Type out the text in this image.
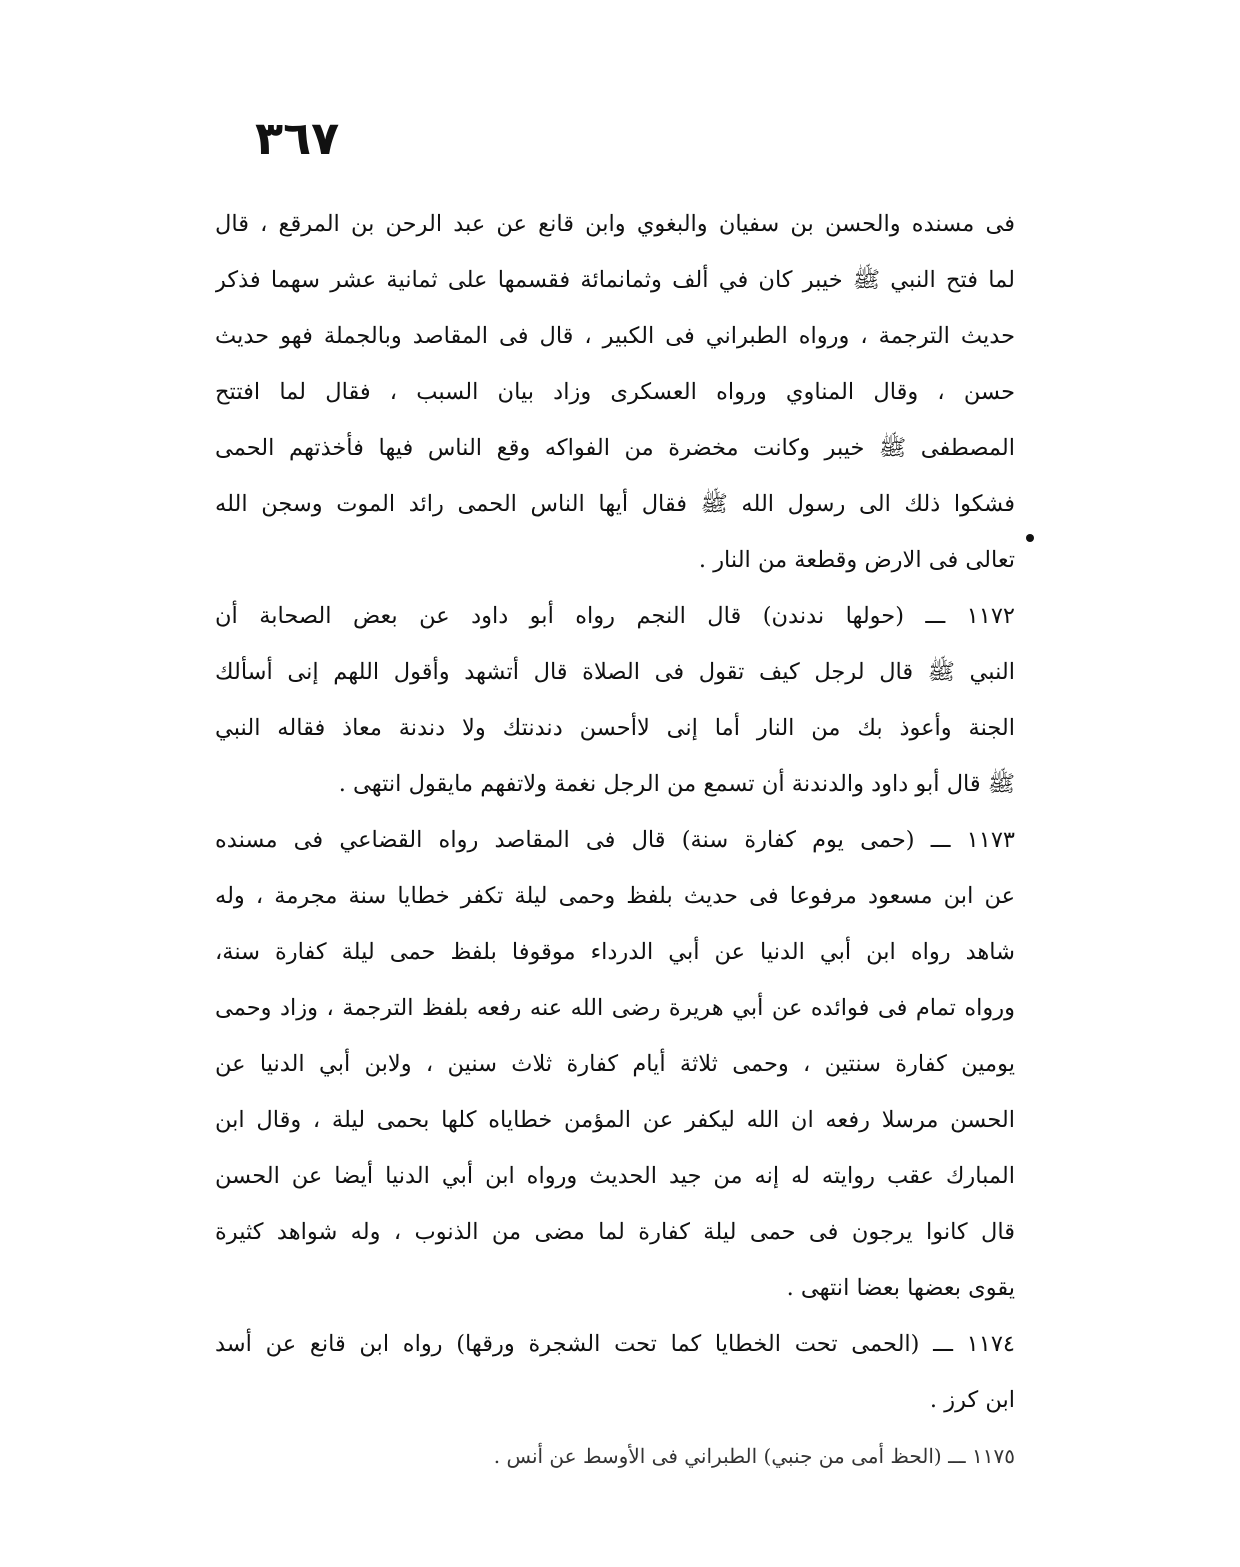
٣٦٧
فى مسنده والحسن بن سفيان والبغوي وابن قانع عن عبد الرحن بن المرقع ، قال
لما فتح النبي ﷺ خيبر كان في ألف وثمانمائة فقسمها على ثمانية عشر سهما فذكر
حديث الترجمة ، ورواه الطبراني فى الكبير ، قال فى المقاصد وبالجملة فهو حديث
حسن ، وقال المناوي ورواه العسكرى وزاد بيان السبب ، فقال لما افتتح
المصطفى ﷺ خيبر وكانت مخضرة من الفواكه وقع الناس فيها فأخذتهم الحمى
فشكوا ذلك الى رسول الله ﷺ فقال أيها الناس الحمى رائد الموت وسجن الله
تعالى فى الارض وقطعة من النار .
١١٧٢ ـــ (حولها ندندن) قال النجم رواه أبو داود عن بعض الصحابة أن
النبي ﷺ قال لرجل كيف تقول فى الصلاة قال أتشهد وأقول اللهم إنى أسألك
الجنة وأعوذ بك من النار أما إنى لاأحسن دندنتك ولا دندنة معاذ فقاله النبي
ﷺ قال أبو داود والدندنة أن تسمع من الرجل نغمة ولاتفهم مايقول انتهى .
١١٧٣ ـــ (حمى يوم كفارة سنة) قال فى المقاصد رواه القضاعي فى مسنده
عن ابن مسعود مرفوعا فى حديث بلفظ وحمى ليلة تكفر خطايا سنة مجرمة ، وله
شاهد رواه ابن أبي الدنيا عن أبي الدرداء موقوفا بلفظ حمى ليلة كفارة سنة،
ورواه تمام فى فوائده عن أبي هريرة رضى الله عنه رفعه بلفظ الترجمة ، وزاد وحمى
يومين كفارة سنتين ، وحمى ثلاثة أيام كفارة ثلاث سنين ، ولابن أبي الدنيا عن
الحسن مرسلا رفعه ان الله ليكفر عن المؤمن خطاياه كلها بحمى ليلة ، وقال ابن
المبارك عقب روايته له إنه من جيد الحديث ورواه ابن أبي الدنيا أيضا عن الحسن
قال كانوا يرجون فى حمى ليلة كفارة لما مضى من الذنوب ، وله شواهد كثيرة
يقوى بعضها بعضا انتهى .
١١٧٤ ـــ (الحمى تحت الخطايا كما تحت الشجرة ورقها) رواه ابن قانع عن أسد
ابن كرز .
١١٧٥ ـــ (الحظ أمى من جنبي) الطبراني فى الأوسط عن أنس .
